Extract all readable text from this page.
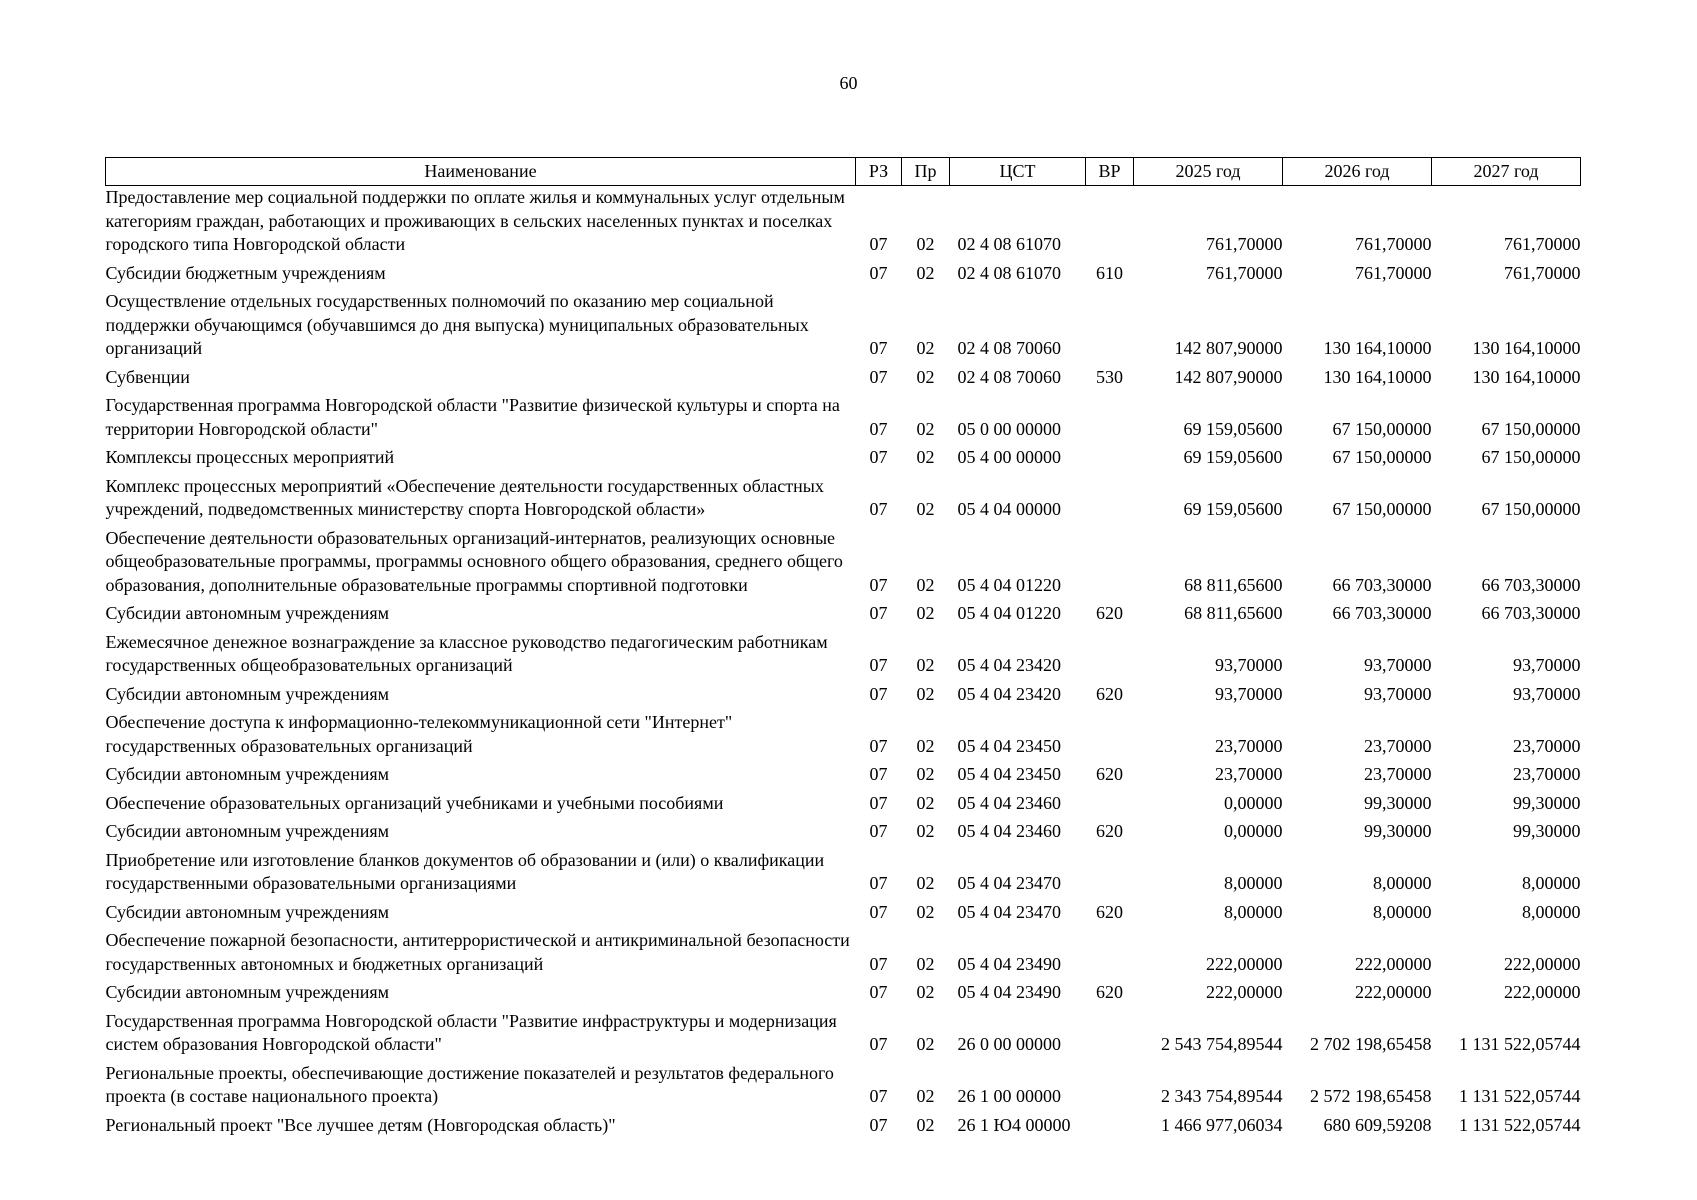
60
Наименование	РЗ	Пр	ЦСТ	ВР	2025 год	2026 год	2027 год
Предоставление мер социальной поддержки по оплате жилья и коммунальных услуг отдельным категориям граждан, работающих и проживающих в сельских населенных пунктах и поселках городского типа Новгородской области	07	02	02 4 08 61070		761,70000	761,70000	761,70000
Субсидии бюджетным учреждениям	07	02	02 4 08 61070	610	761,70000	761,70000	761,70000
Осуществление отдельных государственных полномочий по оказанию мер социальной поддержки обучающимся (обучавшимся до дня выпуска) муниципальных образовательных организаций	07	02	02 4 08 70060		142 807,90000	130 164,10000	130 164,10000
Субвенции	07	02	02 4 08 70060	530	142 807,90000	130 164,10000	130 164,10000
Государственная программа Новгородской области "Развитие физической культуры и спорта на территории Новгородской области"	07	02	05 0 00 00000		69 159,05600	67 150,00000	67 150,00000
Комплексы процессных мероприятий	07	02	05 4 00 00000		69 159,05600	67 150,00000	67 150,00000
Комплекс процессных мероприятий «Обеспечение деятельности государственных областных учреждений, подведомственных министерству спорта Новгородской области»	07	02	05 4 04 00000		69 159,05600	67 150,00000	67 150,00000
Обеспечение деятельности образовательных организаций-интернатов, реализующих основные общеобразовательные программы, программы основного общего образования, среднего общего образования, дополнительные образовательные программы спортивной подготовки	07	02	05 4 04 01220		68 811,65600	66 703,30000	66 703,30000
Субсидии автономным учреждениям	07	02	05 4 04 01220	620	68 811,65600	66 703,30000	66 703,30000
Ежемесячное денежное вознаграждение за классное руководство педагогическим работникам государственных общеобразовательных организаций	07	02	05 4 04 23420		93,70000	93,70000	93,70000
Субсидии автономным учреждениям	07	02	05 4 04 23420	620	93,70000	93,70000	93,70000
Обеспечение доступа к информационно-телекоммуникационной сети "Интернет" государственных образовательных организаций	07	02	05 4 04 23450		23,70000	23,70000	23,70000
Субсидии автономным учреждениям	07	02	05 4 04 23450	620	23,70000	23,70000	23,70000
Обеспечение образовательных организаций учебниками и учебными пособиями	07	02	05 4 04 23460		0,00000	99,30000	99,30000
Субсидии автономным учреждениям	07	02	05 4 04 23460	620	0,00000	99,30000	99,30000
Приобретение или изготовление бланков документов об образовании и (или) о квалификации государственными образовательными организациями	07	02	05 4 04 23470		8,00000	8,00000	8,00000
Субсидии автономным учреждениям	07	02	05 4 04 23470	620	8,00000	8,00000	8,00000
Обеспечение пожарной безопасности, антитеррористической и антикриминальной безопасности государственных автономных и бюджетных организаций	07	02	05 4 04 23490		222,00000	222,00000	222,00000
Субсидии автономным учреждениям	07	02	05 4 04 23490	620	222,00000	222,00000	222,00000
Государственная программа Новгородской области "Развитие инфраструктуры и модернизация систем образования Новгородской области"	07	02	26 0 00 00000		2 543 754,89544	2 702 198,65458	1 131 522,05744
Региональные проекты, обеспечивающие достижение показателей и результатов федерального проекта (в составе национального проекта)	07	02	26 1 00 00000		2 343 754,89544	2 572 198,65458	1 131 522,05744
Региональный проект "Все лучшее детям (Новгородская область)"	07	02	26 1 Ю4 00000		1 466 977,06034	680 609,59208	1 131 522,05744
